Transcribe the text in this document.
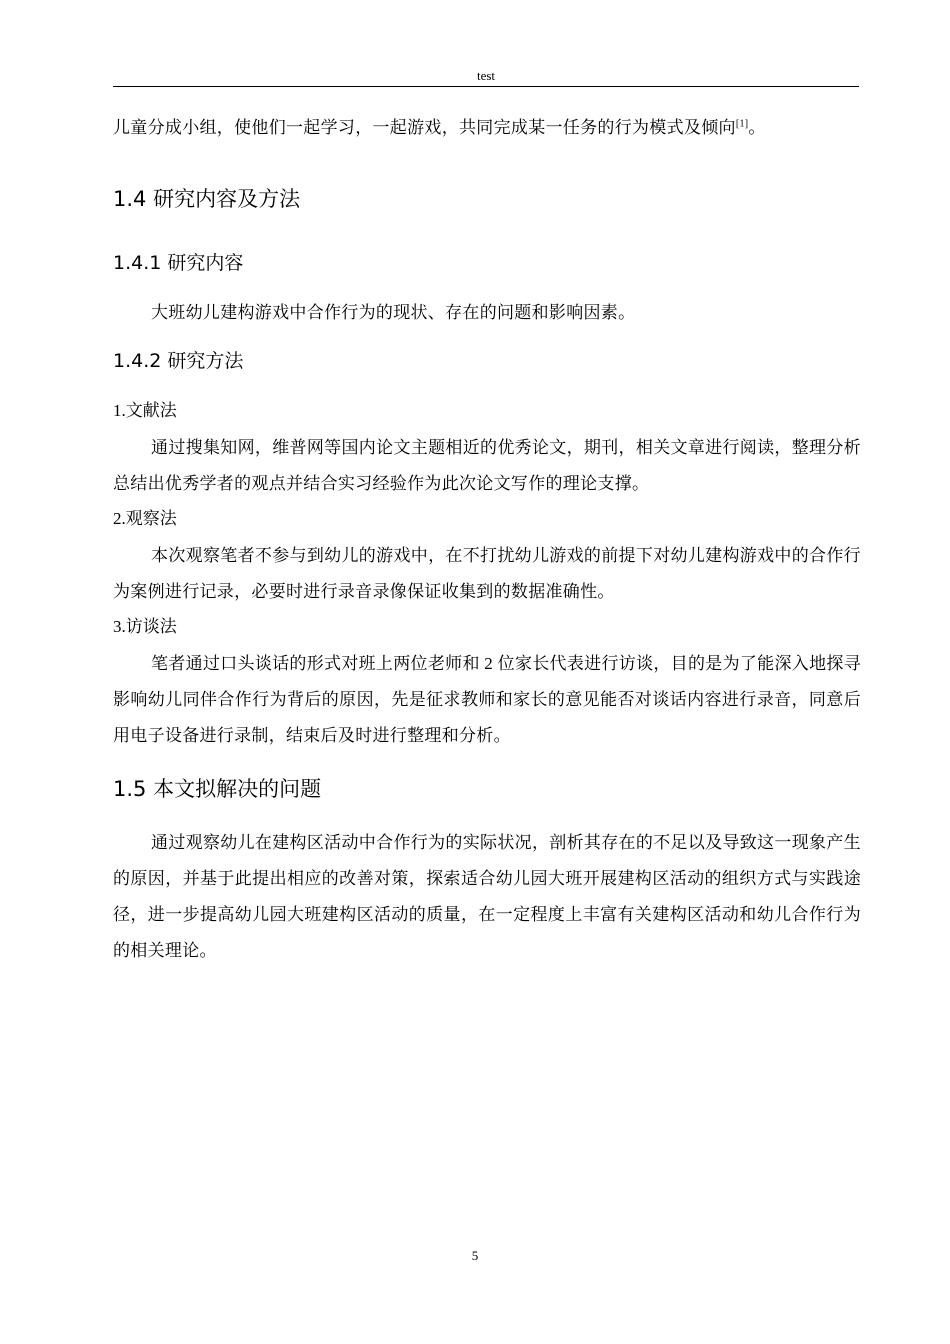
test

儿童分成小组，使他们一起学习，一起游戏，共同完成某一任务的行为模式及倾向[1]。

1.4 研究内容及方法
1.4.1 研究内容

大班幼儿建构游戏中合作行为的现状、存在的问题和影响因素。

1.4.2 研究方法

1.文献法

通过搜集知网，维普网等国内论文主题相近的优秀论文，期刊，相关文章进行阅读，整理分析总结出优秀学者的观点并结合实习经验作为此次论文写作的理论支撑。

2.观察法

本次观察笔者不参与到幼儿的游戏中，在不打扰幼儿游戏的前提下对幼儿建构游戏中的合作行为案例进行记录，必要时进行录音录像保证收集到的数据准确性。

3.访谈法

笔者通过口头谈话的形式对班上两位老师和 2 位家长代表进行访谈，目的是为了能深入地探寻影响幼儿同伴合作行为背后的原因，先是征求教师和家长的意见能否对谈话内容进行录音，同意后用电子设备进行录制，结束后及时进行整理和分析。

1.5 本文拟解决的问题

通过观察幼儿在建构区活动中合作行为的实际状况，剖析其存在的不足以及导致这一现象产生的原因，并基于此提出相应的改善对策，探索适合幼儿园大班开展建构区活动的组织方式与实践途径，进一步提高幼儿园大班建构区活动的质量，在一定程度上丰富有关建构区活动和幼儿合作行为的相关理论。

5
